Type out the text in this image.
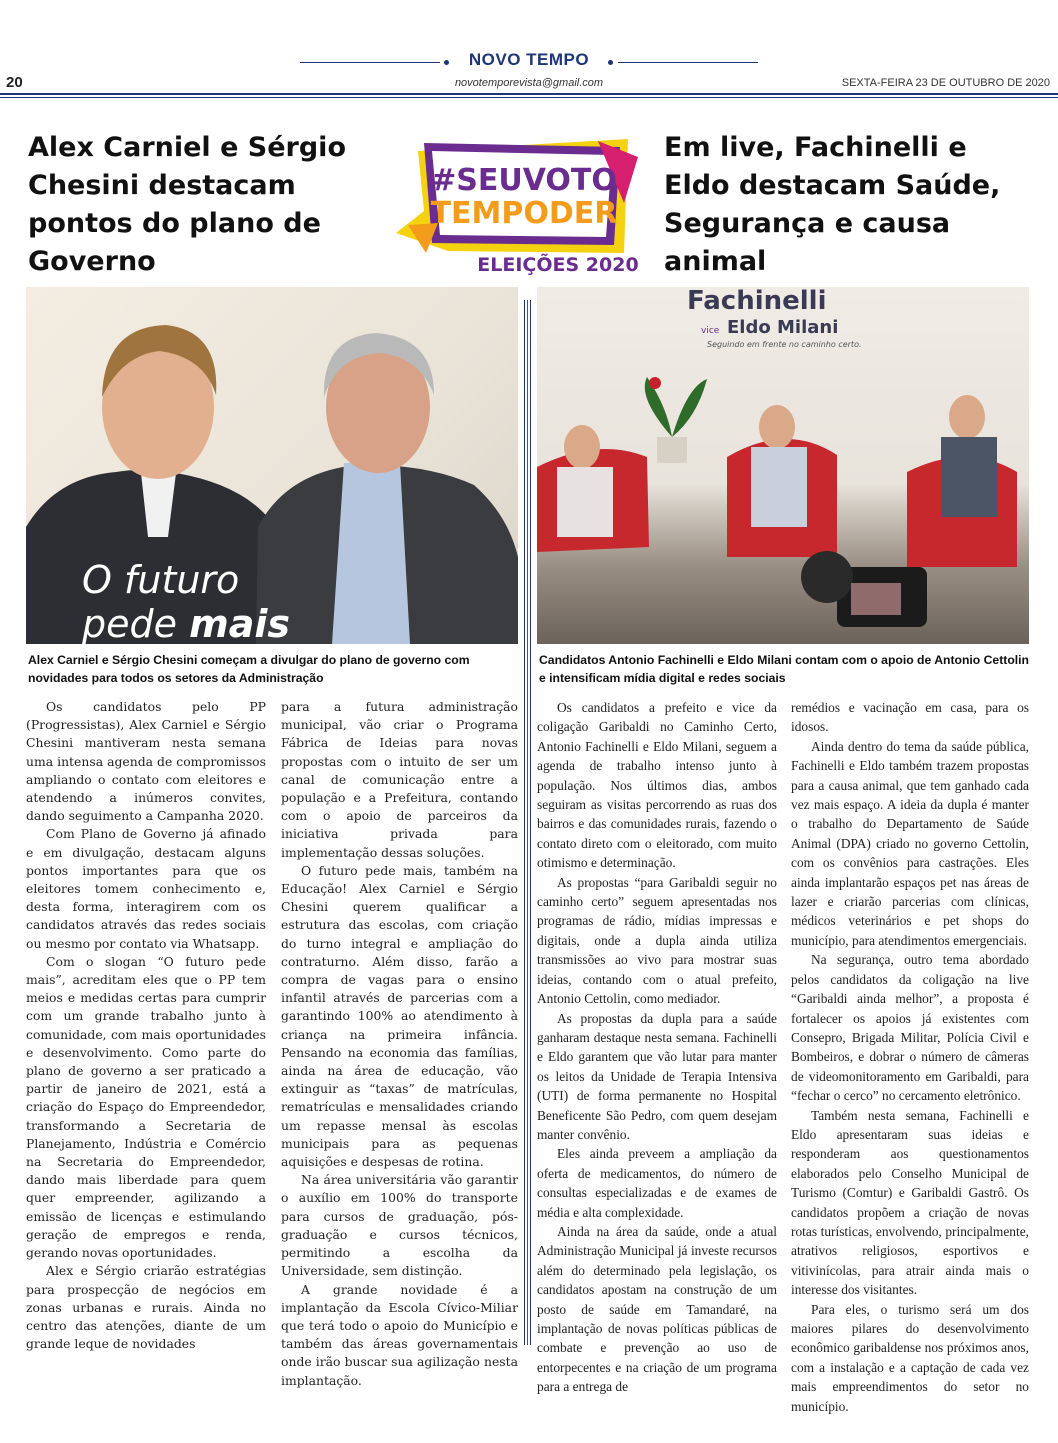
NOVO TEMPO
20	novotemporevista@gmail.com	SEXTA-FEIRA 23 DE OUTUBRO DE 2020
Alex Carniel e Sérgio Chesini destacam pontos do plano de Governo
Em live, Fachinelli e Eldo destacam Saúde, Segurança e causa animal
#SEUVOTO
TEMPODER
ELEIÇÕES 2020
O futuro
pede mais
Alex Carniel e Sérgio Chesini começam a divulgar do plano de governo com novidades para todos os setores da Administração
Fachinelli
vice Eldo Milani
Seguindo em frente no caminho certo.
Candidatos Antonio Fachinelli e Eldo Milani contam com o apoio de Antonio Cettolin e intensificam mídia digital e redes sociais

Os candidatos pelo PP (Progressistas), Alex Carniel e Sérgio Chesini mantiveram nesta semana uma intensa agenda de compromissos ampliando o contato com eleitores e atendendo a inúmeros convites, dando seguimento a Campanha 2020.

Com Plano de Governo já afinado e em divulgação, destacam alguns pontos importantes para que os eleitores tomem conhecimento e, desta forma, interagirem com os candidatos através das redes sociais ou mesmo por contato via Whatsapp.

Com o slogan “O futuro pede mais”, acreditam eles que o PP tem meios e medidas certas para cumprir com um grande trabalho junto à comunidade, com mais oportunidades e desenvolvimento. Como parte do plano de governo a ser praticado a partir de janeiro de 2021, está a criação do Espaço do Empreendedor, transformando a Secretaria de Planejamento, Indústria e Comércio na Secretaria do Empreendedor, dando mais liberdade para quem quer empreender, agilizando a emissão de licenças e estimulando geração de empregos e renda, gerando novas oportunidades.

Alex e Sérgio criarão estratégias para prospecção de negócios em zonas urbanas e rurais. Ainda no centro das atenções, diante de um grande leque de novidades

para a futura administração municipal, vão criar o Programa Fábrica de Ideias para novas propostas com o intuito de ser um canal de comunicação entre a população e a Prefeitura, contando com o apoio de parceiros da iniciativa privada para implementação dessas soluções.

O futuro pede mais, também na Educação! Alex Carniel e Sérgio Chesini querem qualificar a estrutura das escolas, com criação do turno integral e ampliação do contraturno. Além disso, farão a compra de vagas para o ensino infantil através de parcerias com a garantindo 100% ao atendimento à criança na primeira infância. Pensando na economia das famílias, ainda na área de educação, vão extinguir as “taxas” de matrículas, rematrículas e mensalidades criando um repasse mensal às escolas municipais para as pequenas aquisições e despesas de rotina.

Na área universitária vão garantir o auxílio em 100% do transporte para cursos de graduação, pós-graduação e cursos técnicos, permitindo a escolha da Universidade, sem distinção.

A grande novidade é a implantação da Escola Cívico-Miliar que terá todo o apoio do Município e também das áreas governamentais onde irão buscar sua agilização nesta implantação.

Os candidatos a prefeito e vice da coligação Garibaldi no Caminho Certo, Antonio Fachinelli e Eldo Milani, seguem a agenda de trabalho intenso junto à população. Nos últimos dias, ambos seguiram as visitas percorrendo as ruas dos bairros e das comunidades rurais, fazendo o contato direto com o eleitorado, com muito otimismo e determinação.

As propostas “para Garibaldi seguir no caminho certo” seguem apresentadas nos programas de rádio, mídias impressas e digitais, onde a dupla ainda utiliza transmissões ao vivo para mostrar suas ideias, contando com o atual prefeito, Antonio Cettolin, como mediador.

As propostas da dupla para a saúde ganharam destaque nesta semana. Fachinelli e Eldo garantem que vão lutar para manter os leitos da Unidade de Terapia Intensiva (UTI) de forma permanente no Hospital Beneficente São Pedro, com quem desejam manter convênio.

Eles ainda preveem a ampliação da oferta de medicamentos, do número de consultas especializadas e de exames de média e alta complexidade.

Ainda na área da saúde, onde a atual Administração Municipal já investe recursos além do determinado pela legislação, os candidatos apostam na construção de um posto de saúde em Tamandaré, na implantação de novas políticas públicas de combate e prevenção ao uso de entorpecentes e na criação de um programa para a entrega de

remédios e vacinação em casa, para os idosos.

Ainda dentro do tema da saúde pública, Fachinelli e Eldo também trazem propostas para a causa animal, que tem ganhado cada vez mais espaço. A ideia da dupla é manter o trabalho do Departamento de Saúde Animal (DPA) criado no governo Cettolin, com os convênios para castrações. Eles ainda implantarão espaços pet nas áreas de lazer e criarão parcerias com clínicas, médicos veterinários e pet shops do município, para atendimentos emergenciais.

Na segurança, outro tema abordado pelos candidatos da coligação na live “Garibaldi ainda melhor”, a proposta é fortalecer os apoios já existentes com Consepro, Brigada Militar, Polícia Civil e Bombeiros, e dobrar o número de câmeras de videomonitoramento em Garibaldi, para “fechar o cerco” no cercamento eletrônico.

Também nesta semana, Fachinelli e Eldo apresentaram suas ideias e responderam aos questionamentos elaborados pelo Conselho Municipal de Turismo (Comtur) e Garibaldi Gastrô. Os candidatos propõem a criação de novas rotas turísticas, envolvendo, principalmente, atrativos religiosos, esportivos e vitivinícolas, para atrair ainda mais o interesse dos visitantes.

Para eles, o turismo será um dos maiores pilares do desenvolvimento econômico garibaldense nos próximos anos, com a instalação e a captação de cada vez mais empreendimentos do setor no município.
